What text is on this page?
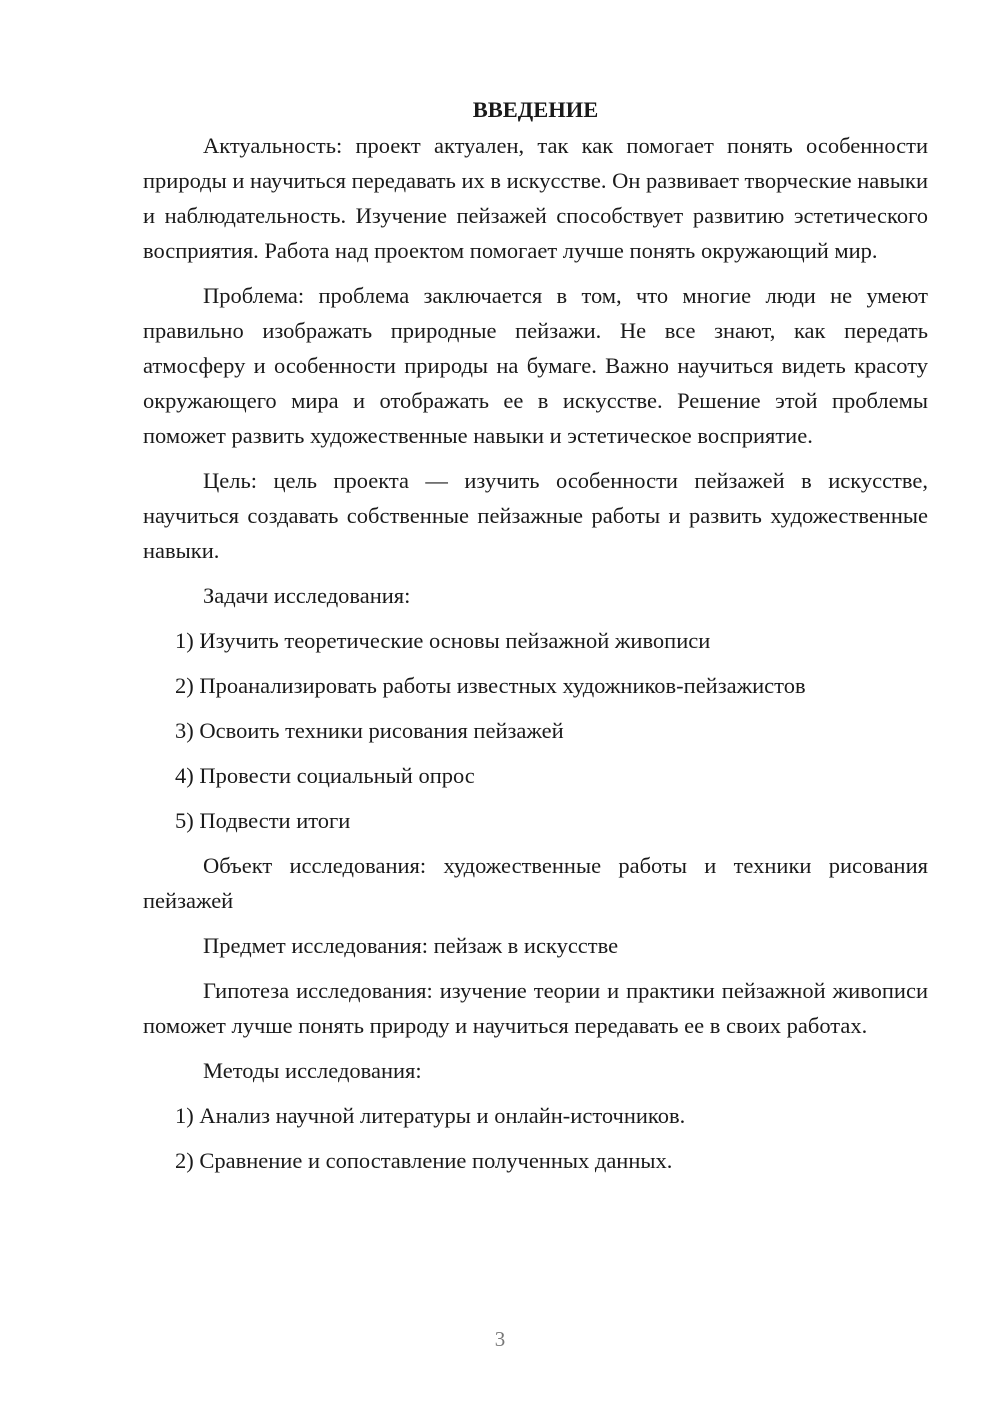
ВВЕДЕНИЕ

Актуальность: проект актуален, так как помогает понять особенности природы и научиться передавать их в искусстве. Он развивает творческие навыки и наблюдательность. Изучение пейзажей способствует развитию эстетического восприятия. Работа над проектом помогает лучше понять окружающий мир.

Проблема: проблема заключается в том, что многие люди не умеют правильно изображать природные пейзажи. Не все знают, как передать атмосферу и особенности природы на бумаге. Важно научиться видеть красоту окружающего мира и отображать ее в искусстве. Решение этой проблемы поможет развить художественные навыки и эстетическое восприятие.

Цель: цель проекта — изучить особенности пейзажей в искусстве, научиться создавать собственные пейзажные работы и развить художественные навыки.

Задачи исследования:

1) Изучить теоретические основы пейзажной живописи

2) Проанализировать работы известных художников-пейзажистов

3) Освоить техники рисования пейзажей

4) Провести социальный опрос

5) Подвести итоги

Объект исследования: художественные работы и техники рисования пейзажей

Предмет исследования: пейзаж в искусстве

Гипотеза исследования: изучение теории и практики пейзажной живописи поможет лучше понять природу и научиться передавать ее в своих работах.

Методы исследования:

1) Анализ научной литературы и онлайн-источников.

2) Сравнение и сопоставление полученных данных.

3
